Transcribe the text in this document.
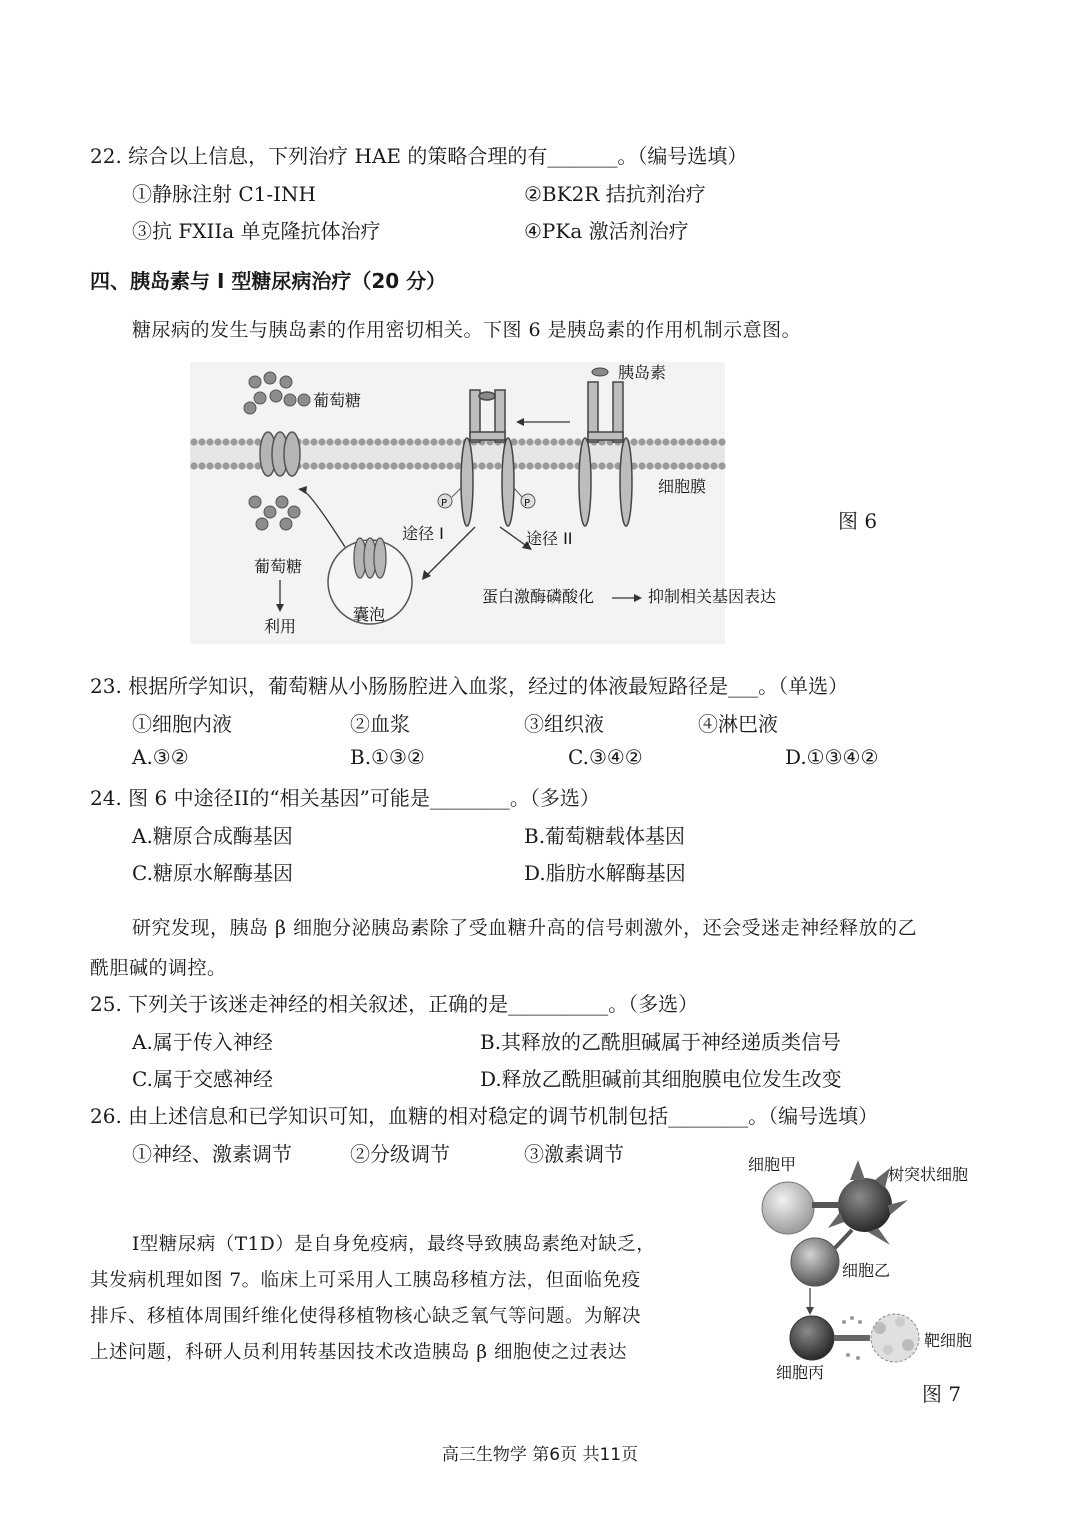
22. 综合以上信息，下列治疗 HAE 的策略合理的有_______。（编号选填）
①静脉注射 C1-INH	②BK2R 拮抗剂治疗
③抗 FXIIa 单克隆抗体治疗	④PKa 激活剂治疗
四、胰岛素与 I 型糖尿病治疗（20 分）
糖尿病的发生与胰岛素的作用密切相关。下图 6 是胰岛素的作用机制示意图。
葡萄糖
胰岛素
细胞膜
P	P
途径 I	途径 II
囊泡
葡萄糖
利用
蛋白激酶磷酸化	抑制相关基因表达
图 6
23. 根据所学知识，葡萄糖从小肠肠腔进入血浆，经过的体液最短路径是___。（单选）
①细胞内液	②血浆	③组织液	④淋巴液
A.③②	B.①③②	C.③④②	D.①③④②
24. 图 6 中途径II的“相关基因”可能是________。（多选）
A.糖原合成酶基因	B.葡萄糖载体基因
C.糖原水解酶基因	D.脂肪水解酶基因
研究发现，胰岛 β 细胞分泌胰岛素除了受血糖升高的信号刺激外，还会受迷走神经释放的乙
酰胆碱的调控。
25. 下列关于该迷走神经的相关叙述，正确的是__________。（多选）
A.属于传入神经	B.其释放的乙酰胆碱属于神经递质类信号
C.属于交感神经	D.释放乙酰胆碱前其细胞膜电位发生改变
26. 由上述信息和已学知识可知，血糖的相对稳定的调节机制包括________。（编号选填）
①神经、激素调节	②分级调节	③激素调节
I型糖尿病（T1D）是自身免疫病，最终导致胰岛素绝对缺乏，
其发病机理如图 7。临床上可采用人工胰岛移植方法，但面临免疫
排斥、移植体周围纤维化使得移植物核心缺乏氧气等问题。为解决
上述问题，科研人员利用转基因技术改造胰岛 β 细胞使之过表达
细胞甲
树突状细胞
细胞乙
靶细胞
细胞丙
图 7
高三生物学 第6页 共11页
